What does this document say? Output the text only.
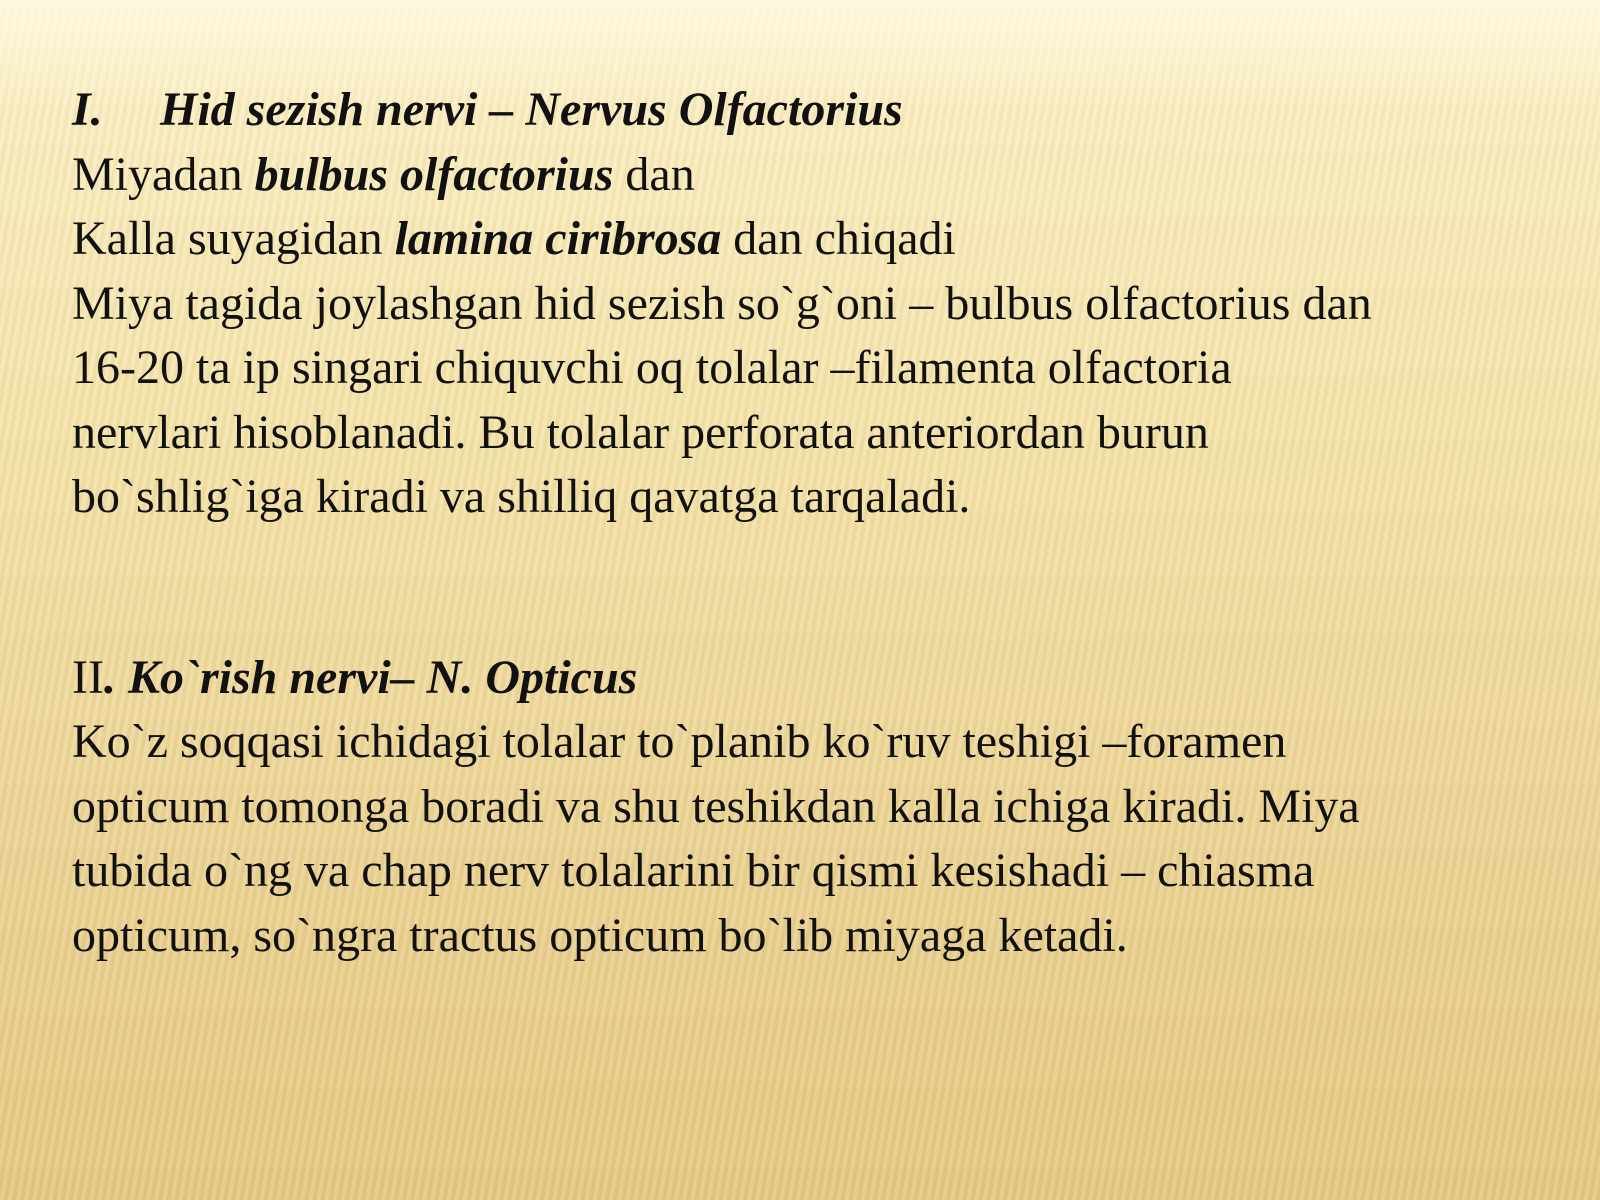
I. Hid sezish nervi – Nervus Olfactorius
Miyadan bulbus olfactorius dan
Kalla suyagidan lamina ciribrosa dan chiqadi
Miya tagida joylashgan hid sezish so`g`oni – bulbus olfactorius dan
16-20 ta ip singari chiquvchi oq tolalar –filamenta olfactoria
nervlari hisoblanadi. Bu tolalar perforata anteriordan burun
bo`shlig`iga kiradi va shilliq qavatga tarqaladi.
II. Ko`rish nervi– N. Opticus
Ko`z soqqasi ichidagi tolalar to`planib ko`ruv teshigi –foramen
opticum tomonga boradi va shu teshikdan kalla ichiga kiradi. Miya
tubida o`ng va chap nerv tolalarini bir qismi kesishadi – chiasma
opticum, so`ngra tractus opticum bo`lib miyaga ketadi.
